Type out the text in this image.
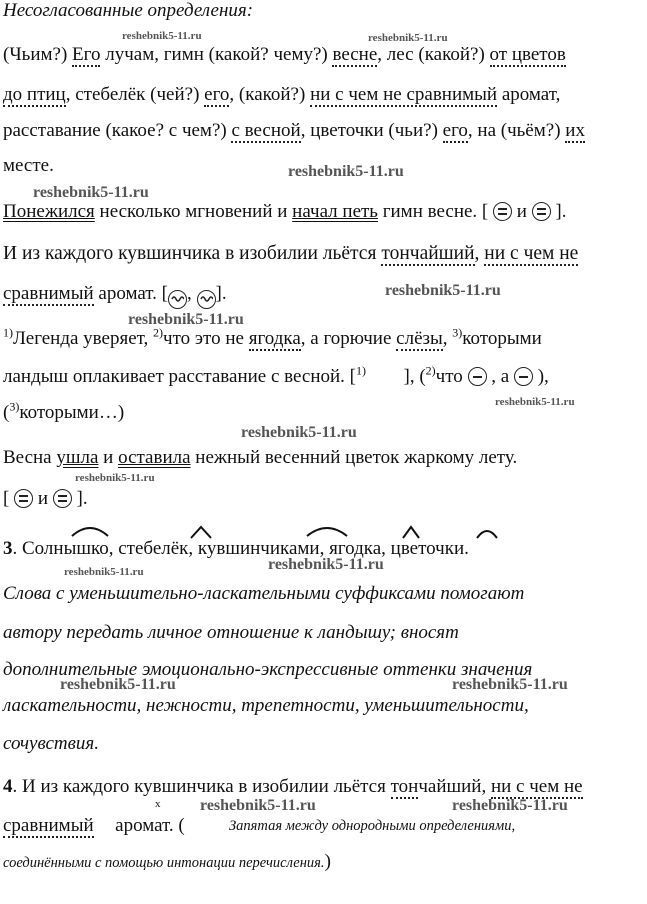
Несогласованные определения:
reshebnik5-11.ru	reshebnik5-11.ru
reshebnik5-11.ru
reshebnik5-11.ru
reshebnik5-11.ru
reshebnik5-11.ru
reshebnik5-11.ru
reshebnik5-11.ru
reshebnik5-11.ru
reshebnik5-11.ru
reshebnik5-11.ru
reshebnik5-11.ru	reshebnik5-11.ru
reshebnik5-11.ru	reshebnik5-11.ru
(Чьим?) Его лучам, гимн (какой? чему?) весне, лес (какой?) от цветов
до птиц, стебелёк (чей?) его, (какой?) ни с чем не сравнимый аромат,
расставание (какое? с чем?) с весной, цветочки (чьи?) его, на (чьём?) их
месте.
Понежился несколько мгновений и начал петь гимн весне. [ и ].
И из каждого кувшинчика в изобилии льётся тончайший, ни с чем не
сравнимый аромат. [ , ].
$^{1)}$Легенда уверяет, $^{2)}$что это не ягодка, а горючие слёзы, $^{3)}$которыми
ландыш оплакивает расставание с весной. [$^{1)}$ ], ($^{2)}$что , а ),
($^{3)}$которыми…)
Весна ушла и оставила нежный весенний цветок жаркому лету.
[ и ].
3. Солнышко, стебелёк, кувшинчиками, ягодка, цветочки.
Слова с уменьшительно-ласкательными суффиксами помогают
автору передать личное отношение к ландышу; вносят
дополнительные эмоционально-экспрессивные оттенки значения
ласкательности, нежности, трепетности, уменьшительности,
сочувствия.
4. И из каждого кувшинчика в изобилии льётся тончайший, ни с чем не
х
сравнимый аромат. (	Запятая между однородными определениями,
соединёнными с помощью интонации перечисления.)
